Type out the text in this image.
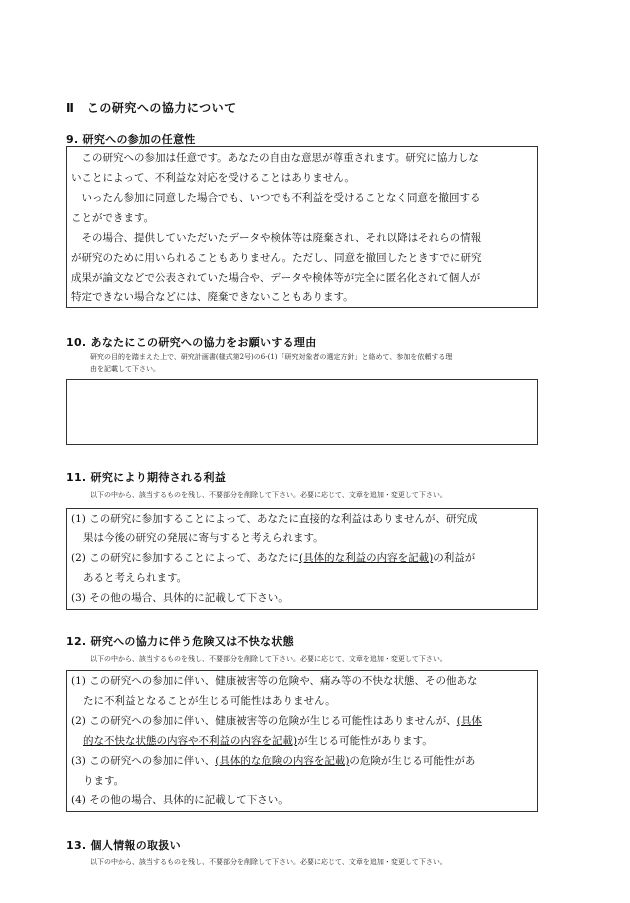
Ⅱ　この研究への協力について
9. 研究への参加の任意性
　この研究への参加は任意です。あなたの自由な意思が尊重されます。研究に協力しな
いことによって、不利益な対応を受けることはありません。
　いったん参加に同意した場合でも、いつでも不利益を受けることなく同意を撤回する
ことができます。
　その場合、提供していただいたデータや検体等は廃棄され、それ以降はそれらの情報
が研究のために用いられることもありません。ただし、同意を撤回したときすでに研究
成果が論文などで公表されていた場合や、データや検体等が完全に匿名化されて個人が
特定できない場合などには、廃棄できないこともあります。
10. あなたにこの研究への協力をお願いする理由
研究の目的を踏まえた上で、研究計画書(様式第2号)の6-(1)「研究対象者の選定方針」と絡めて、参加を依頼する理
由を記載して下さい。
11. 研究により期待される利益
以下の中から、該当するものを残し、不要部分を削除して下さい。必要に応じて、文章を追加・変更して下さい。
(1) この研究に参加することによって、あなたに直接的な利益はありませんが、研究成
果は今後の研究の発展に寄与すると考えられます。
(2) この研究に参加することによって、あなたに(具体的な利益の内容を記載)の利益が
あると考えられます。
(3) その他の場合、具体的に記載して下さい。
12. 研究への協力に伴う危険又は不快な状態
以下の中から、該当するものを残し、不要部分を削除して下さい。必要に応じて、文章を追加・変更して下さい。
(1) この研究への参加に伴い、健康被害等の危険や、痛み等の不快な状態、その他あな
たに不利益となることが生じる可能性はありません。
(2) この研究への参加に伴い、健康被害等の危険が生じる可能性はありませんが、(具体
的な不快な状態の内容や不利益の内容を記載)が生じる可能性があります。
(3) この研究への参加に伴い、(具体的な危険の内容を記載)の危険が生じる可能性があ
ります。
(4) その他の場合、具体的に記載して下さい。
13. 個人情報の取扱い
以下の中から、該当するものを残し、不要部分を削除して下さい。必要に応じて、文章を追加・変更して下さい。
